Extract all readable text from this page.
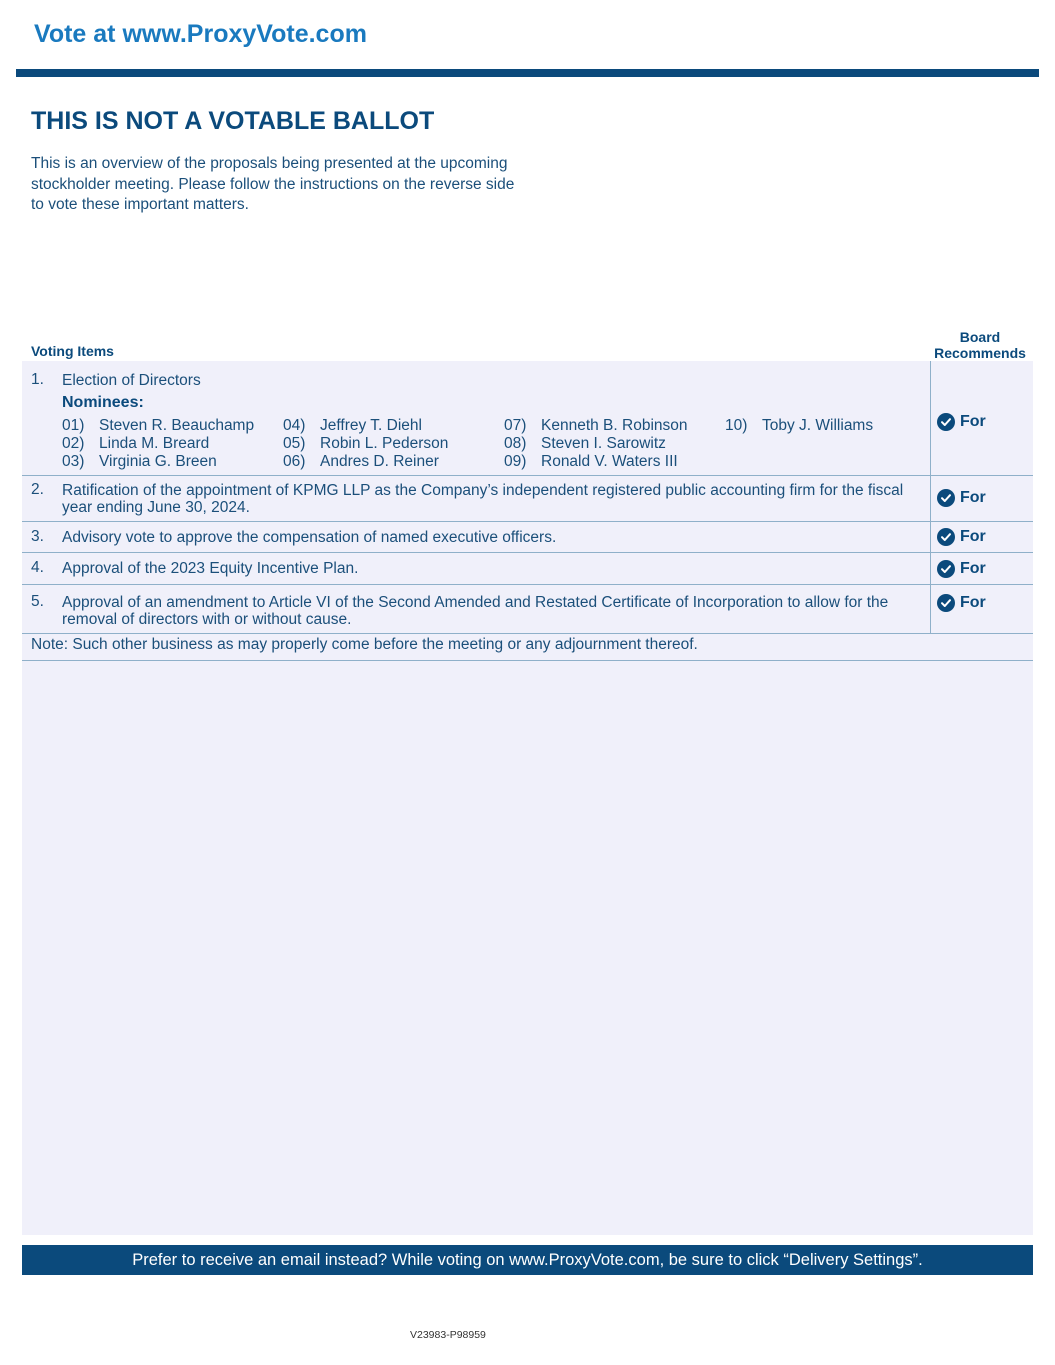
Vote at www.ProxyVote.com
THIS IS NOT A VOTABLE BALLOT
This is an overview of the proposals being presented at the upcoming stockholder meeting. Please follow the instructions on the reverse side to vote these important matters.
Voting Items
Board
Recommends
1. Election of Directors
Nominees:
01) Steven R. Beauchamp
02) Linda M. Breard
03) Virginia G. Breen
04) Jeffrey T. Diehl
05) Robin L. Pederson
06) Andres D. Reiner
07) Kenneth B. Robinson
08) Steven I. Sarowitz
09) Ronald V. Waters III
10) Toby J. Williams	For
2. Ratification of the appointment of KPMG LLP as the Company’s independent registered public accounting firm for the fiscal year ending June 30, 2024.
For
3. Advisory vote to approve the compensation of named executive officers.	For
4. Approval of the 2023 Equity Incentive Plan.	For
5. Approval of an amendment to Article VI of the Second Amended and Restated Certificate of Incorporation to allow for the removal of directors with or without cause.
For
Note: Such other business as may properly come before the meeting or any adjournment thereof.
Prefer to receive an email instead? While voting on www.ProxyVote.com, be sure to click “Delivery Settings”.
V23983-P98959
